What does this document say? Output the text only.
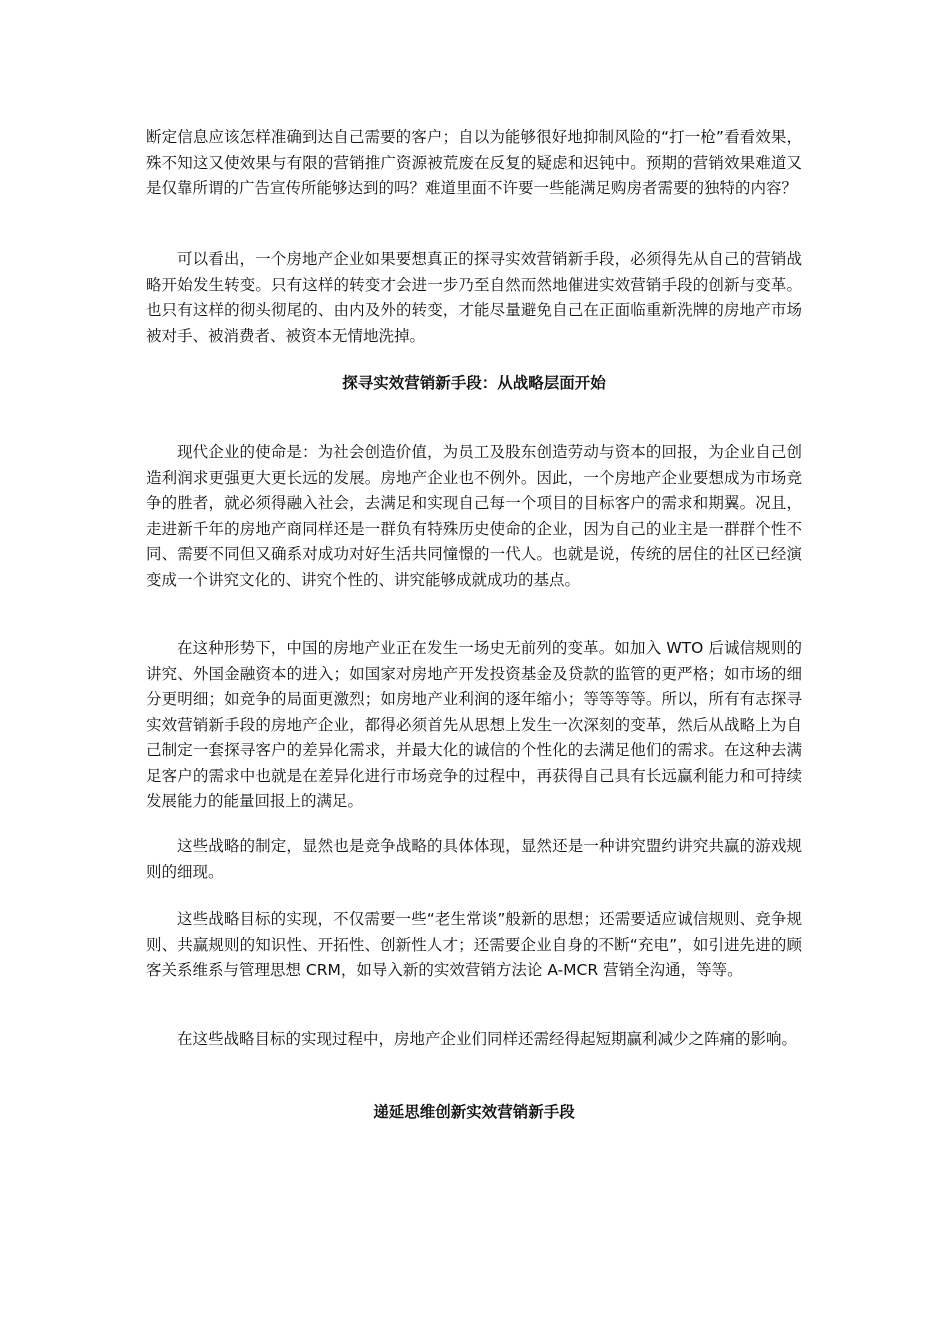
断定信息应该怎样准确到达自己需要的客户；自以为能够很好地抑制风险的“打一枪”看看效果，殊不知这又使效果与有限的营销推广资源被荒废在反复的疑虑和迟钝中。预期的营销效果难道又是仅靠所谓的广告宣传所能够达到的吗？难道里面不许要一些能满足购房者需要的独特的内容？

可以看出，一个房地产企业如果要想真正的探寻实效营销新手段，必须得先从自己的营销战略开始发生转变。只有这样的转变才会进一步乃至自然而然地催进实效营销手段的创新与变革。也只有这样的彻头彻尾的、由内及外的转变，才能尽量避免自己在正面临重新洗牌的房地产市场被对手、被消费者、被资本无情地洗掉。

探寻实效营销新手段：从战略层面开始

现代企业的使命是：为社会创造价值，为员工及股东创造劳动与资本的回报，为企业自己创造利润求更强更大更长远的发展。房地产企业也不例外。因此，一个房地产企业要想成为市场竞争的胜者，就必须得融入社会，去满足和实现自己每一个项目的目标客户的需求和期翼。况且，走进新千年的房地产商同样还是一群负有特殊历史使命的企业，因为自己的业主是一群群个性不同、需要不同但又确系对成功对好生活共同憧憬的一代人。也就是说，传统的居住的社区已经演变成一个讲究文化的、讲究个性的、讲究能够成就成功的基点。

在这种形势下，中国的房地产业正在发生一场史无前列的变革。如加入 WTO 后诚信规则的讲究、外国金融资本的进入；如国家对房地产开发投资基金及贷款的监管的更严格；如市场的细分更明细；如竞争的局面更激烈；如房地产业利润的逐年缩小；等等等等。所以，所有有志探寻实效营销新手段的房地产企业，都得必须首先从思想上发生一次深刻的变革，然后从战略上为自己制定一套探寻客户的差异化需求，并最大化的诚信的个性化的去满足他们的需求。在这种去满足客户的需求中也就是在差异化进行市场竞争的过程中，再获得自己具有长远赢利能力和可持续发展能力的能量回报上的满足。

这些战略的制定，显然也是竞争战略的具体体现，显然还是一种讲究盟约讲究共赢的游戏规则的细现。

这些战略目标的实现，不仅需要一些“老生常谈”般新的思想；还需要适应诚信规则、竞争规则、共赢规则的知识性、开拓性、创新性人才；还需要企业自身的不断“充电”，如引进先进的顾客关系维系与管理思想 CRM，如导入新的实效营销方法论 A-MCR 营销全沟通，等等。

在这些战略目标的实现过程中，房地产企业们同样还需经得起短期赢利减少之阵痛的影响。

递延思维创新实效营销新手段
